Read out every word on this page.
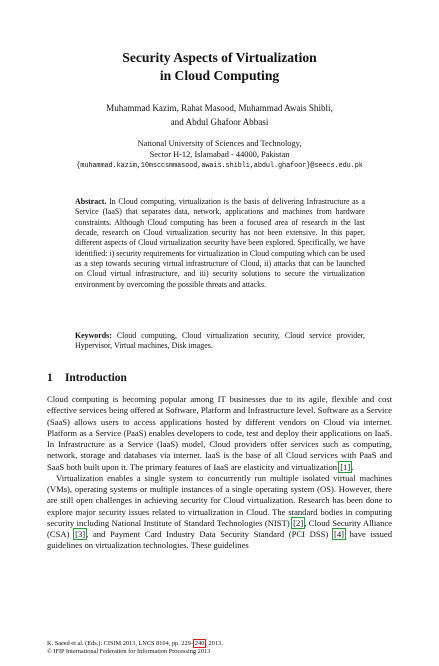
Security Aspects of Virtualization
in Cloud Computing
Muhammad Kazim, Rahat Masood, Muhammad Awais Shibli,
and Abdul Ghafoor Abbasi
National University of Sciences and Technology,
Sector H-12, Islamabad - 44000, Pakistan
{muhammad.kazim,10msccsmmasood,awais.shibli,abdul.ghafoor}@seecs.edu.pk
Abstract. In Cloud computing, virtualization is the basis of delivering Infrastructure as a Service (IaaS) that separates data, network, applications and machines from hardware constraints. Although Cloud computing has been a focused area of research in the last decade, research on Cloud virtualization security has not been extensive. In this paper, different aspects of Cloud virtualization security have been explored. Specifically, we have identified: i) security requirements for virtualization in Cloud computing which can be used as a step towards securing virtual infrastructure of Cloud, ii) attacks that can be launched on Cloud virtual infrastructure, and iii) security solutions to secure the virtualization environment by overcoming the possible threats and attacks.
Keywords: Cloud computing, Cloud virtualization security, Cloud service provider, Hypervisor, Virtual machines, Disk images.
1 Introduction

Cloud computing is becoming popular among IT businesses due to its agile, flexible and cost effective services being offered at Software, Platform and Infrastructure level. Software as a Service (SaaS) allows users to access applications hosted by different vendors on Cloud via internet. Platform as a Service (PaaS) enables developers to code, test and deploy their applications on IaaS. In Infrastructure as a Service (IaaS) model, Cloud providers offer services such as computing, network, storage and databases via internet. IaaS is the base of all Cloud services with PaaS and SaaS both built upon it. The primary features of IaaS are elasticity and virtualization [1].

Virtualization enables a single system to concurrently run multiple isolated virtual machines (VMs), operating systems or multiple instances of a single operating system (OS). However, there are still open challenges in achieving security for Cloud virtualization. Research has been done to explore major security issues related to virtualization in Cloud. The standard bodies in computing security including National Institute of Standard Technologies (NIST) [2], Cloud Security Alliance (CSA) [3], and Payment Card Industry Data Security Standard (PCI DSS) [4] have issued guidelines on virtualization technologies. These guidelines

K. Saeed et al. (Eds.): CISIM 2013, LNCS 8104, pp. 229–240, 2013.
© IFIP International Federation for Information Processing 2013
